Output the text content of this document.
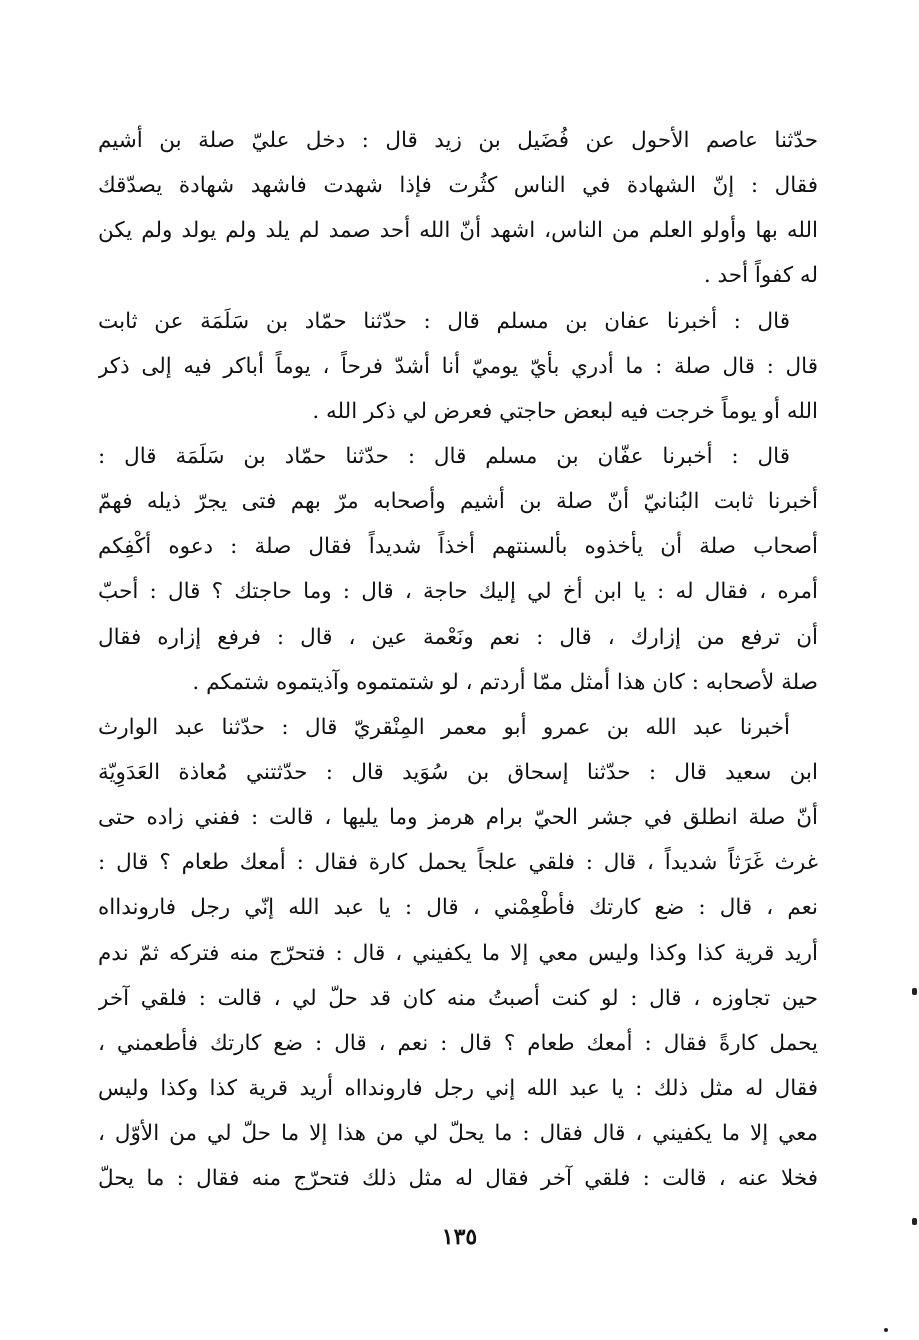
حدّثنا عاصم الأحول عن فُضَيل بن زيد قال : دخل عليّ صلة بن أشيم
فقال : إنّ الشهادة في الناس كثُرت فإذا شهدت فاشهد شهادة يصدّقك
الله بها وأولو العلم من الناس، اشهد أنّ الله أحد صمد لم يلد ولم يولد ولم يكن
له كفواً أحد .
قال : أخبرنا عفان بن مسلم قال : حدّثنا حمّاد بن سَلَمَة عن ثابت
قال : قال صلة : ما أدري بأيّ يوميّ أنا أشدّ فرحاً ، يوماً أباكر فيه إلى ذكر
الله أو يوماً خرجت فيه لبعض حاجتي فعرض لي ذكر الله .
قال : أخبرنا عفّان بن مسلم قال : حدّثنا حمّاد بن سَلَمَة قال :
أخبرنا ثابت البُنانيّ أنّ صلة بن أشيم وأصحابه مرّ بهم فتى يجرّ ذيله فهمّ
أصحاب صلة أن يأخذوه بألسنتهم أخذاً شديداً فقال صلة : دعوه أكْفِكم
أمره ، فقال له : يا ابن أخ لي إليك حاجة ، قال : وما حاجتك ؟ قال : أحبّ
أن ترفع من إزارك ، قال : نعم ونَعْمة عين ، قال : فرفع إزاره فقال
صلة لأصحابه : كان هذا أمثل ممّا أردتم ، لو شتمتموه وآذيتموه شتمكم .
أخبرنا عبد الله بن عمرو أبو معمر المِنْقريّ قال : حدّثنا عبد الوارث
ابن سعيد قال : حدّثنا إسحاق بن سُوَيد قال : حدّثتني مُعاذة العَدَوِيّة
أنّ صلة انطلق في جشر الحيّ برام هرمز وما يليها ، قالت : ففني زاده حتى
غرث غَرَثاً شديداً ، قال : فلقي علجاً يحمل كارة فقال : أمعك طعام ؟ قال :
نعم ، قال : ضع كارتك فأطْعِمْني ، قال : يا عبد الله إنّي رجل فاروندااه
أريد قرية كذا وكذا وليس معي إلا ما يكفيني ، قال : فتحرّج منه فتركه ثمّ ندم
حين تجاوزه ، قال : لو كنت أصبتُ منه كان قد حلّ لي ، قالت : فلقي آخر
يحمل كارةً فقال : أمعك طعام ؟ قال : نعم ، قال : ضع كارتك فأطعمني ،
فقال له مثل ذلك : يا عبد الله إني رجل فاروندااه أريد قرية كذا وكذا وليس
معي إلا ما يكفيني ، قال فقال : ما يحلّ لي من هذا إلا ما حلّ لي من الأوّل ،
فخلا عنه ، قالت : فلقي آخر فقال له مثل ذلك فتحرّج منه فقال : ما يحلّ
١٣٥
